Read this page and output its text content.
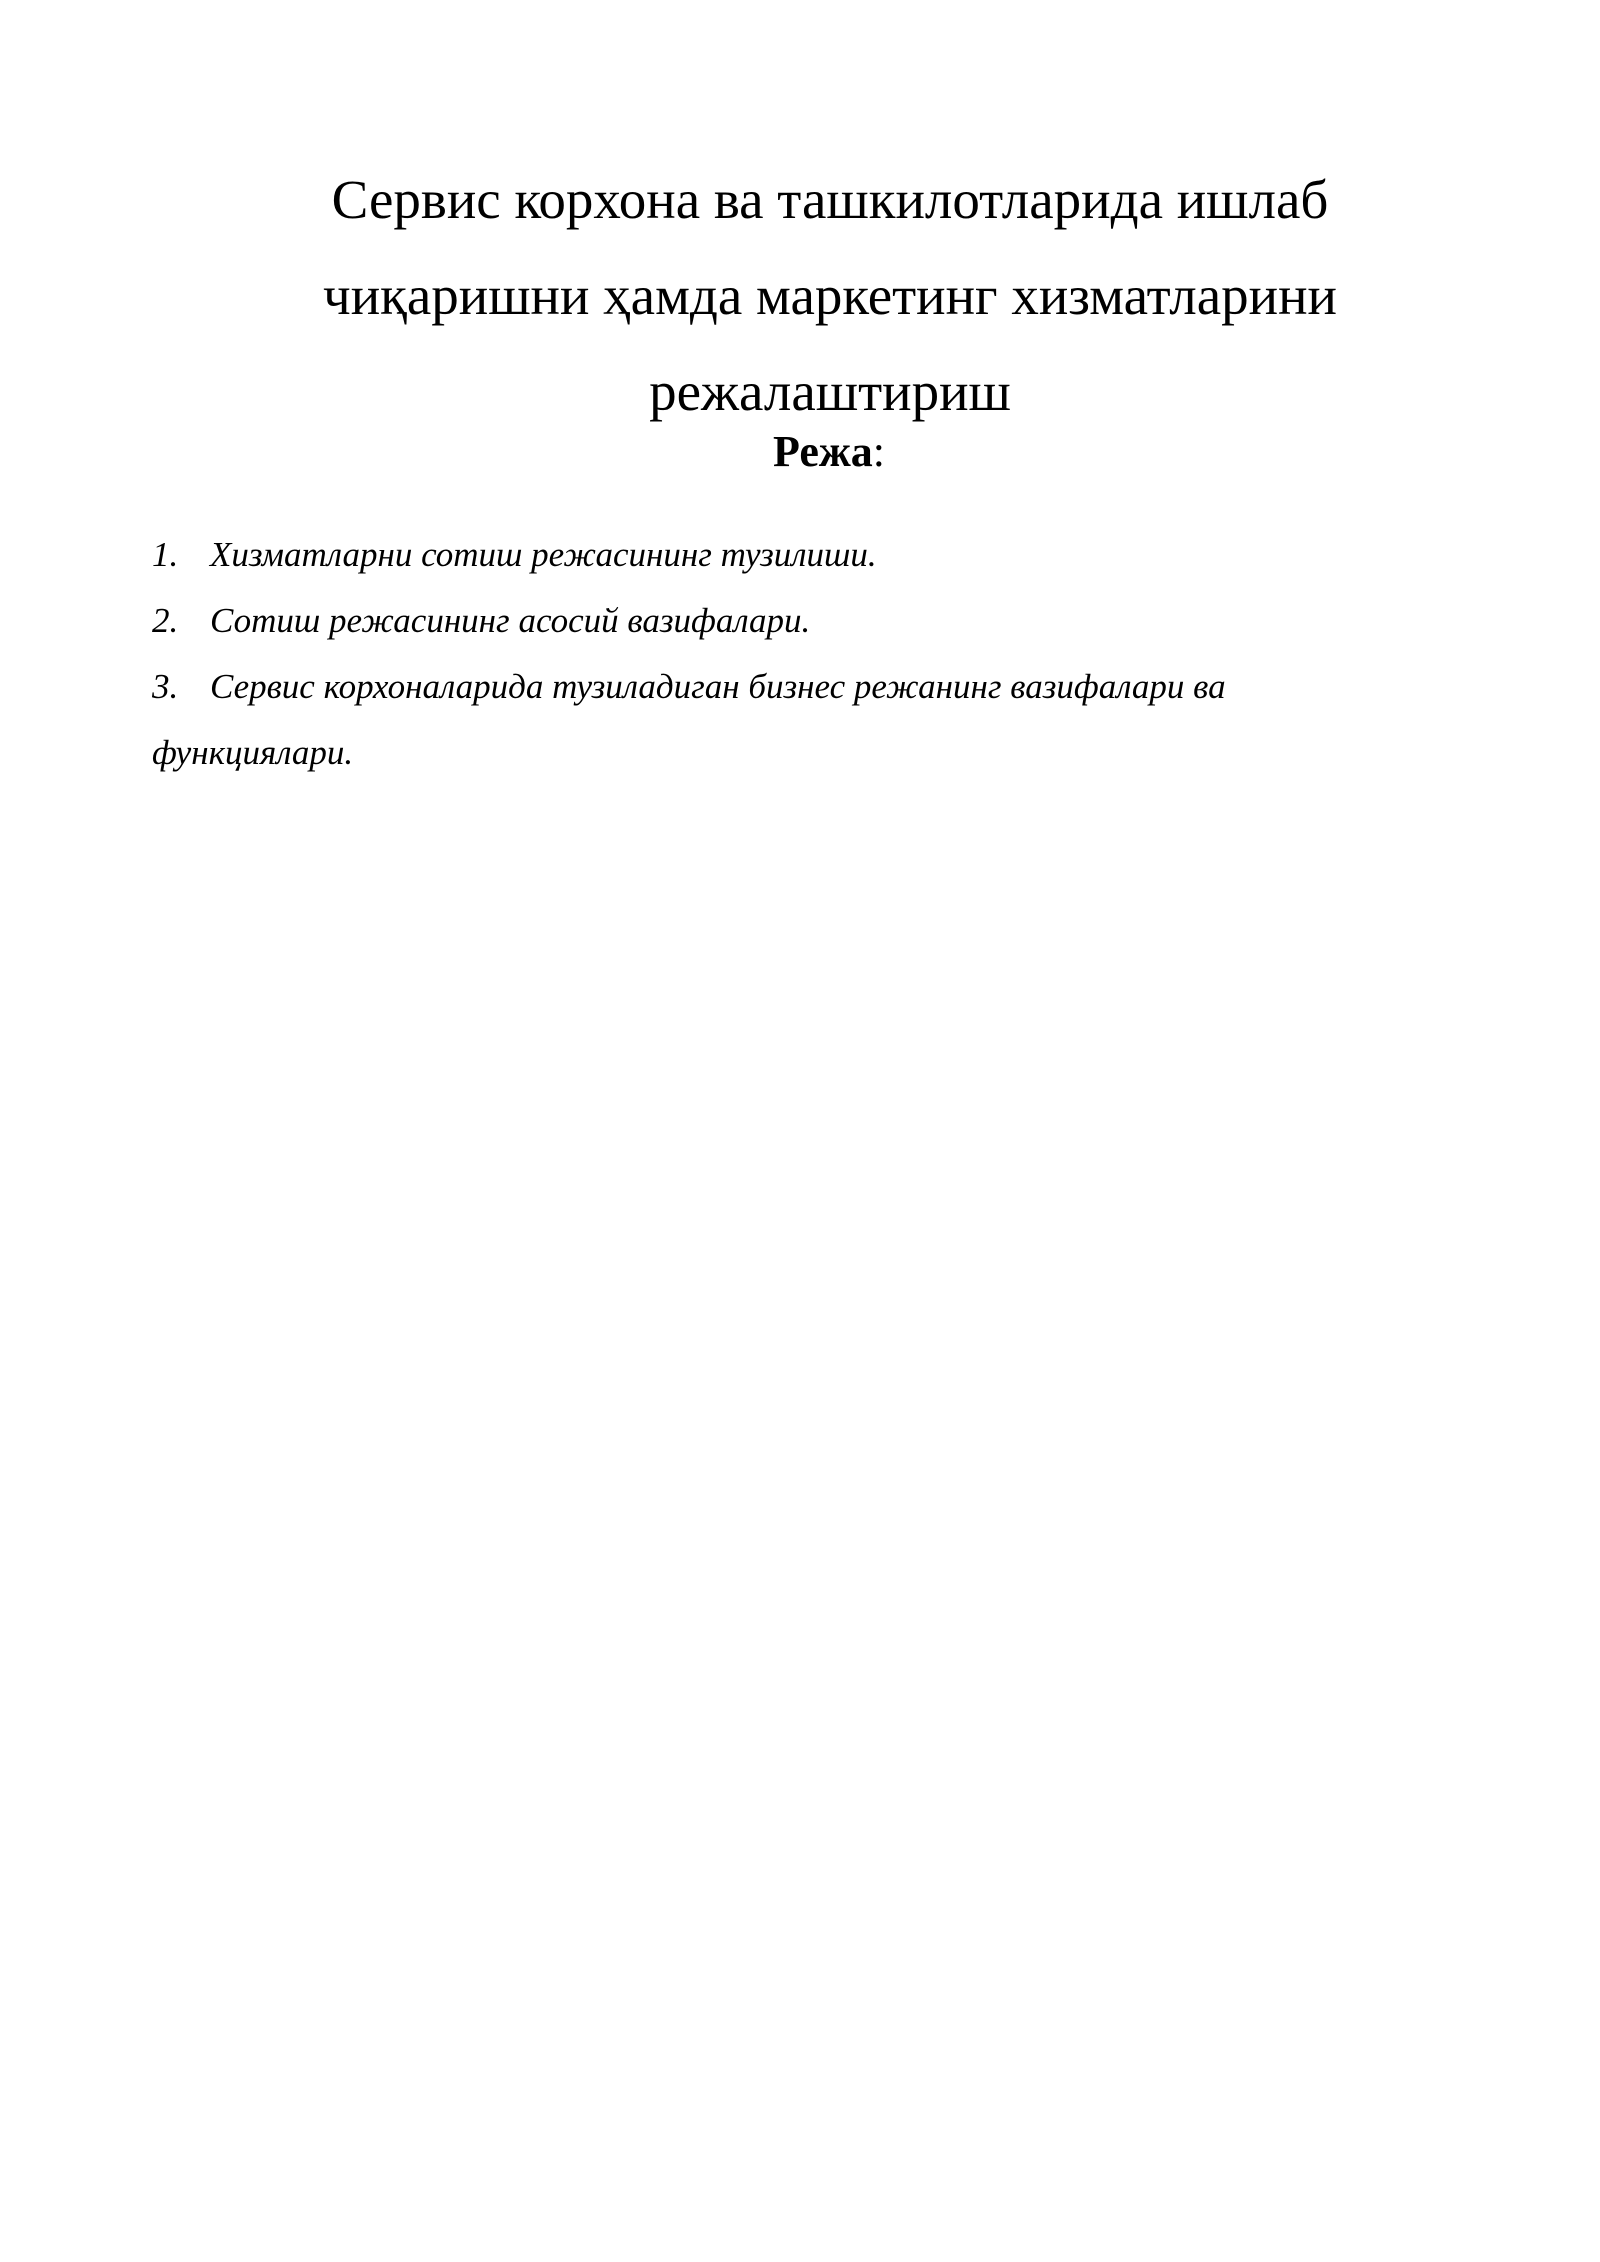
Сервис корхона ва ташкилотларида ишлаб чиқаришни ҳамда маркетинг хизматларини режалаштириш

Режа:

1. Хизматларни сотиш режасининг тузилиши.
2. Сотиш режасининг асосий вазифалари.
3. Сервис корхоналарида тузиладиган бизнес режанинг вазифалари ва функциялари.
